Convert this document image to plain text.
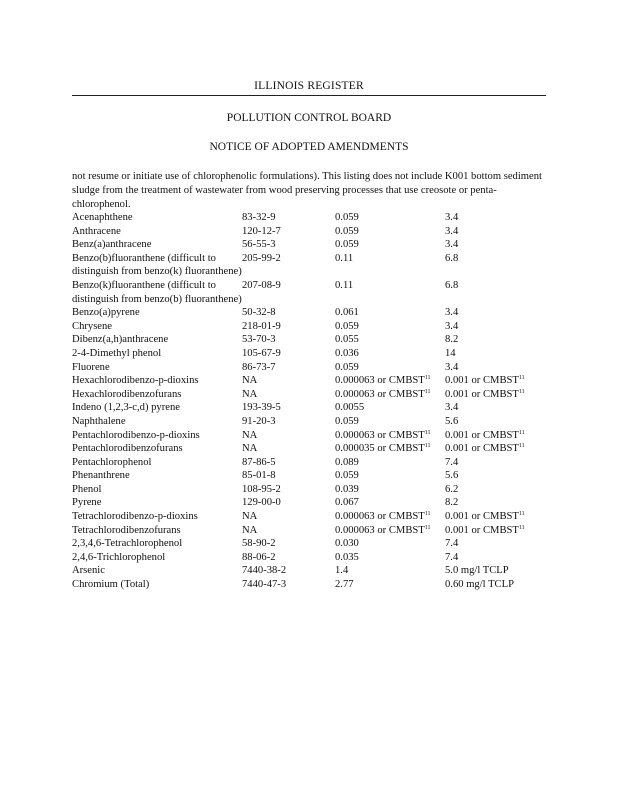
ILLINOIS REGISTER
POLLUTION CONTROL BOARD
NOTICE OF ADOPTED AMENDMENTS
not resume or initiate use of chlorophenolic formulations). This listing does not include K001 bottom sediment sludge from the treatment of wastewater from wood preserving processes that use creosote or penta-chlorophenol.
Acenaphthene	83-32-9	0.059	3.4
Anthracene	120-12-7	0.059	3.4
Benz(a)anthracene	56-55-3	0.059	3.4
Benzo(b)fluoranthene (difficult to distinguish from benzo(k) fluoranthene)	205-99-2	0.11	6.8
Benzo(k)fluoranthene (difficult to distinguish from benzo(b) fluoranthene)	207-08-9	0.11	6.8
Benzo(a)pyrene	50-32-8	0.061	3.4
Chrysene	218-01-9	0.059	3.4
Dibenz(a,h)anthracene	53-70-3	0.055	8.2
2-4-Dimethyl phenol	105-67-9	0.036	14
Fluorene	86-73-7	0.059	3.4
Hexachlorodibenzo-p-dioxins	NA	0.000063 or CMBST$^{11}$	0.001 or CMBST$^{11}$
Hexachlorodibenzofurans	NA	0.000063 or CMBST$^{11}$	0.001 or CMBST$^{11}$
Indeno (1,2,3-c,d) pyrene	193-39-5	0.0055	3.4
Naphthalene	91-20-3	0.059	5.6
Pentachlorodibenzo-p-dioxins	NA	0.000063 or CMBST$^{11}$	0.001 or CMBST$^{11}$
Pentachlorodibenzofurans	NA	0.000035 or CMBST$^{11}$	0.001 or CMBST$^{11}$
Pentachlorophenol	87-86-5	0.089	7.4
Phenanthrene	85-01-8	0.059	5.6
Phenol	108-95-2	0.039	6.2
Pyrene	129-00-0	0.067	8.2
Tetrachlorodibenzo-p-dioxins	NA	0.000063 or CMBST$^{11}$	0.001 or CMBST$^{11}$
Tetrachlorodibenzofurans	NA	0.000063 or CMBST$^{11}$	0.001 or CMBST$^{11}$
2,3,4,6-Tetrachlorophenol	58-90-2	0.030	7.4
2,4,6-Trichlorophenol	88-06-2	0.035	7.4
Arsenic	7440-38-2	1.4	5.0 mg/l TCLP
Chromium (Total)	7440-47-3	2.77	0.60 mg/l TCLP
